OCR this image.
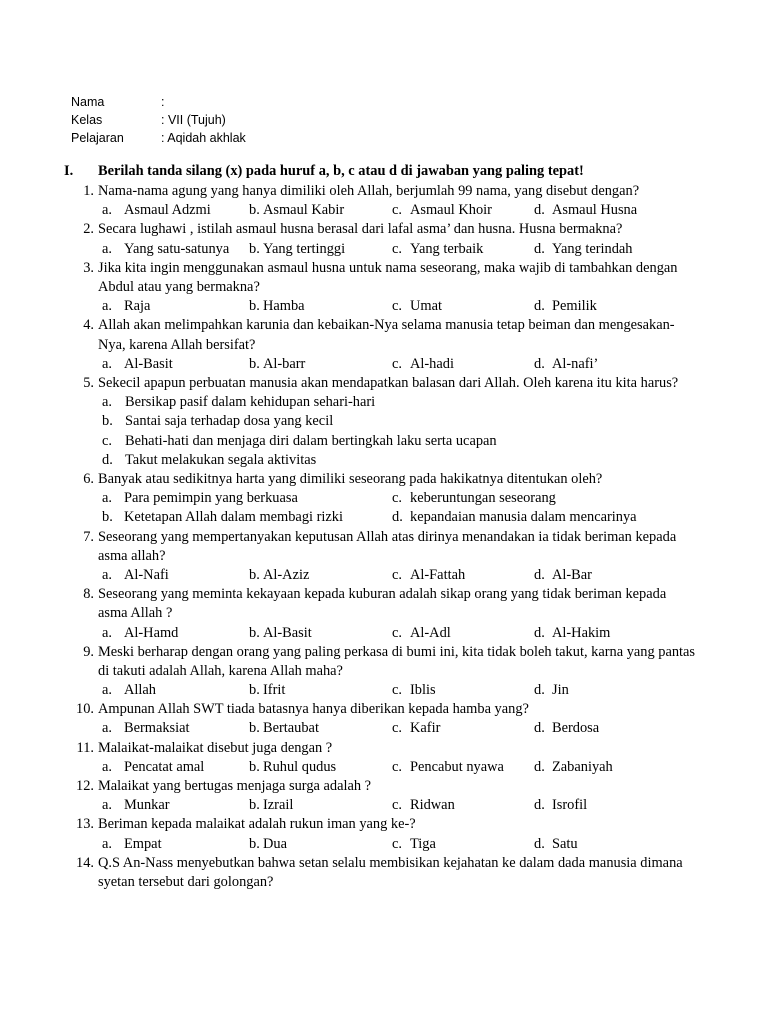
Nama	:
Kelas	: VII (Tujuh)
Pelajaran	: Aqidah akhlak
I. Berilah tanda silang (x) pada huruf a, b, c atau d di jawaban yang paling tepat!
1. Nama-nama agung yang hanya dimiliki oleh Allah, berjumlah 99 nama, yang disebut dengan?
a. Asmaul Adzmi	b. Asmaul Kabir	c. Asmaul Khoir	d. Asmaul Husna
2. Secara lughawi , istilah asmaul husna berasal dari lafal asma’ dan husna. Husna bermakna?
a. Yang satu-satunya b. Yang tertinggi	c. Yang terbaik	d. Yang terindah
3. Jika kita ingin menggunakan asmaul husna untuk nama seseorang, maka wajib di tambahkan dengan Abdul atau yang bermakna?
a. Raja	b. Hamba	c. Umat	d. Pemilik
4. Allah akan melimpahkan karunia dan kebaikan-Nya selama manusia tetap beiman dan mengesakan-Nya, karena Allah bersifat?
a. Al-Basit	b. Al-barr	c. Al-hadi	d. Al-nafi’
5. Sekecil apapun perbuatan manusia akan mendapatkan balasan dari Allah. Oleh karena itu kita harus?
a. Bersikap pasif dalam kehidupan sehari-hari
b. Santai saja terhadap dosa yang kecil
c. Behati-hati dan menjaga diri dalam bertingkah laku serta ucapan
d. Takut melakukan segala aktivitas
6. Banyak atau sedikitnya harta yang dimiliki seseorang pada hakikatnya ditentukan oleh?
a. Para pemimpin yang berkuasa	c. keberuntungan seseorang
b. Ketetapan Allah dalam membagi rizki	d. kepandaian manusia dalam mencarinya
7. Seseorang yang mempertanyakan keputusan Allah atas dirinya menandakan ia tidak beriman kepada asma allah?
a. Al-Nafi	b. Al-Aziz	c. Al-Fattah	d. Al-Bar
8. Seseorang yang meminta kekayaan kepada kuburan adalah sikap orang yang tidak beriman kepada asma Allah ?
a. Al-Hamd	b. Al-Basit	c. Al-Adl	d. Al-Hakim
9. Meski berharap dengan orang yang paling perkasa di bumi ini, kita tidak boleh takut, karna yang pantas di takuti adalah Allah, karena Allah maha?
a. Allah	b. Ifrit	c. Iblis	d. Jin
10. Ampunan Allah SWT tiada batasnya hanya diberikan kepada hamba yang?
a. Bermaksiat	b. Bertaubat	c. Kafir	d. Berdosa
11. Malaikat-malaikat disebut juga dengan ?
a. Pencatat amal	b. Ruhul qudus	c. Pencabut nyawa d. Zabaniyah
12. Malaikat yang bertugas menjaga surga adalah ?
a. Munkar	b. Izrail	c. Ridwan	d. Isrofil
13. Beriman kepada malaikat adalah rukun iman yang ke-?
a. Empat	b. Dua	c. Tiga	d. Satu
14. Q.S An-Nass menyebutkan bahwa setan selalu membisikan kejahatan ke dalam dada manusia dimana syetan tersebut dari golongan?
